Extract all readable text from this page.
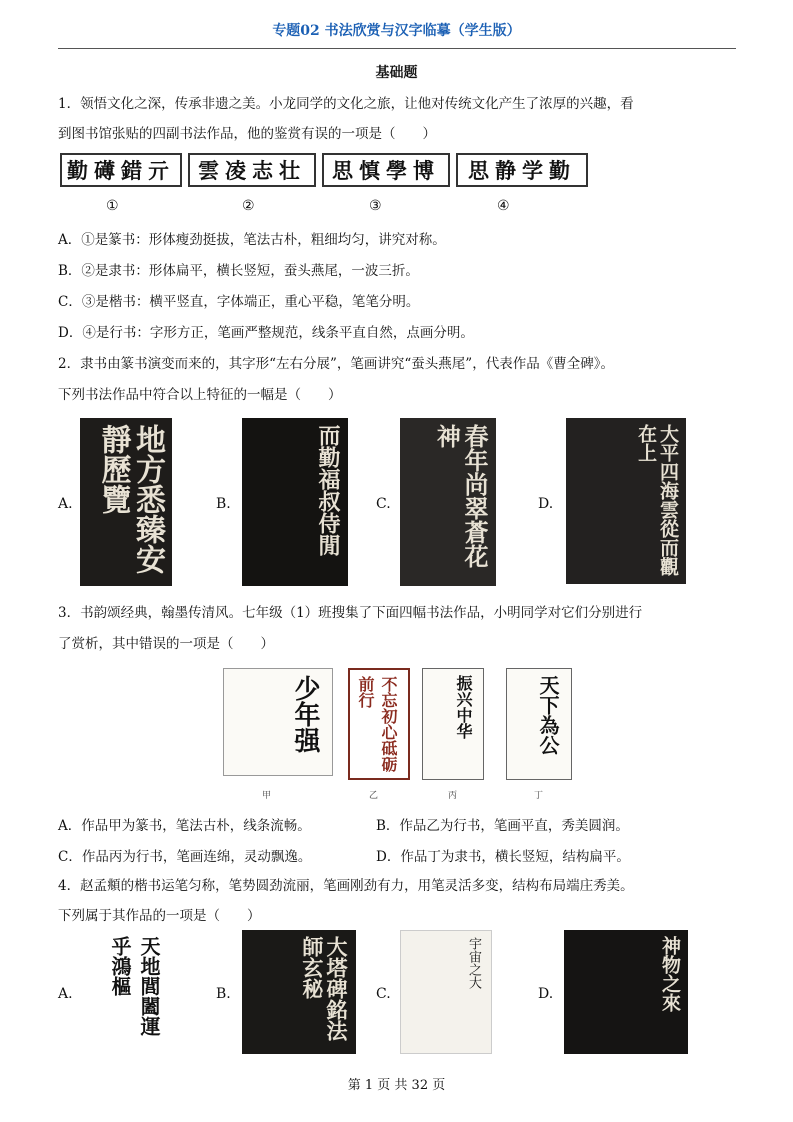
专题02 书法欣赏与汉字临摹（学生版）
基础题
1．领悟文化之深，传承非遗之美。小龙同学的文化之旅，让他对传统文化产生了浓厚的兴趣，看
到图书馆张贴的四副书法作品，他的鉴赏有误的一项是（　　）
勤礡錯亓	雲凌志壮	思慎學博	思静学勤
①	②	③	④
A．①是篆书：形体瘦劲挺拔，笔法古朴，粗细均匀，讲究对称。
B．②是隶书：形体扁平，横长竖短，蚕头燕尾，一波三折。
C．③是楷书：横平竖直，字体端正，重心平稳，笔笔分明。
D．④是行书：字形方正，笔画严整规范，线条平直自然，点画分明。
2．隶书由篆书演变而来的，其字形“左右分展”，笔画讲究“蚕头燕尾”，代表作品《曹全碑》。
下列书法作品中符合以上特征的一幅是（　　）
A.	地方悉臻安靜歷覽	B.	而勤福叔侍閒	C.	春年尚翠蒼花神
D.	大平四海雲從而觀在上
3．书韵颂经典，翰墨传清风。七年级（1）班搜集了下面四幅书法作品，小明同学对它们分别进行
了赏析，其中错误的一项是（　　）
少年强	不忘初心砥砺前行	振兴中华	天下為公
甲	乙	丙	丁
A．作品甲为篆书，笔法古朴，线条流畅。	B．作品乙为行书，笔画平直，秀美圆润。
C．作品丙为行书，笔画连绵，灵动飘逸。	D．作品丁为隶书，横长竖短，结构扁平。
4．赵孟頫的楷书运笔匀称，笔势圆劲流丽，笔画刚劲有力，用笔灵活多变，结构布局端庄秀美。
下列属于其作品的一项是（　　）
A.	天地閭闔運乎鴻樞	B.	大塔碑銘法師玄秘	C.
宇宙之大
D.	神物之來
第 1 页 共 32 页
